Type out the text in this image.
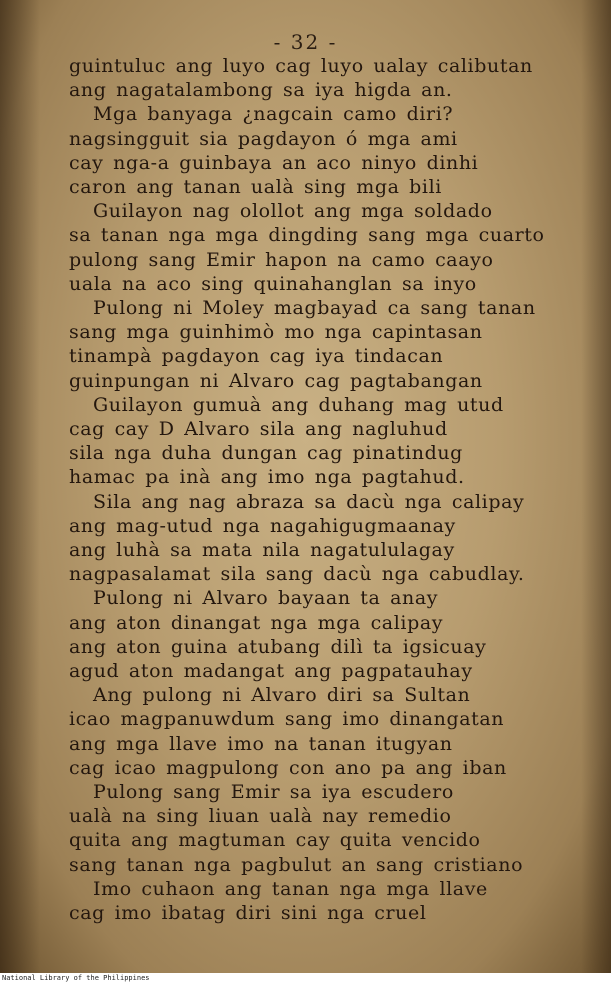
- 32 -
guintuluc ang luyo cag luyo ualay calibutan
ang nagatalambong sa iya higda an.
Mga banyaga ¿nagcain camo diri?
nagsingguit sia pagdayon ó mga ami
cay nga-a guinbaya an aco ninyo dinhi
caron ang tanan ualà sing mga bili
Guilayon nag olollot ang mga soldado
sa tanan nga mga dingding sang mga cuarto
pulong sang Emir hapon na camo caayo
uala na aco sing quinahanglan sa inyo
Pulong ni Moley magbayad ca sang tanan
sang mga guinhimò mo nga capintasan
tinampà pagdayon cag iya tindacan
guinpungan ni Alvaro cag pagtabangan
Guilayon gumuà ang duhang mag utud
cag cay D Alvaro sila ang nagluhud
sila nga duha dungan cag pinatindug
hamac pa inà ang imo nga pagtahud.
Sila ang nag abraza sa dacù nga calipay
ang mag-utud nga nagahigugmaanay
ang luhà sa mata nila nagatululagay
nagpasalamat sila sang dacù nga cabudlay.
Pulong ni Alvaro bayaan ta anay
ang aton dinangat nga mga calipay
ang aton guina atubang dilì ta igsicuay
agud aton madangat ang pagpatauhay
Ang pulong ni Alvaro diri sa Sultan
icao magpanuwdum sang imo dinangatan
ang mga llave imo na tanan itugyan
cag icao magpulong con ano pa ang iban
Pulong sang Emir sa iya escudero
ualà na sing liuan ualà nay remedio
quita ang magtuman cay quita vencido
sang tanan nga pagbulut an sang cristiano
Imo cuhaon ang tanan nga mga llave
cag imo ibatag diri sini nga cruel
National Library of the Philippines
